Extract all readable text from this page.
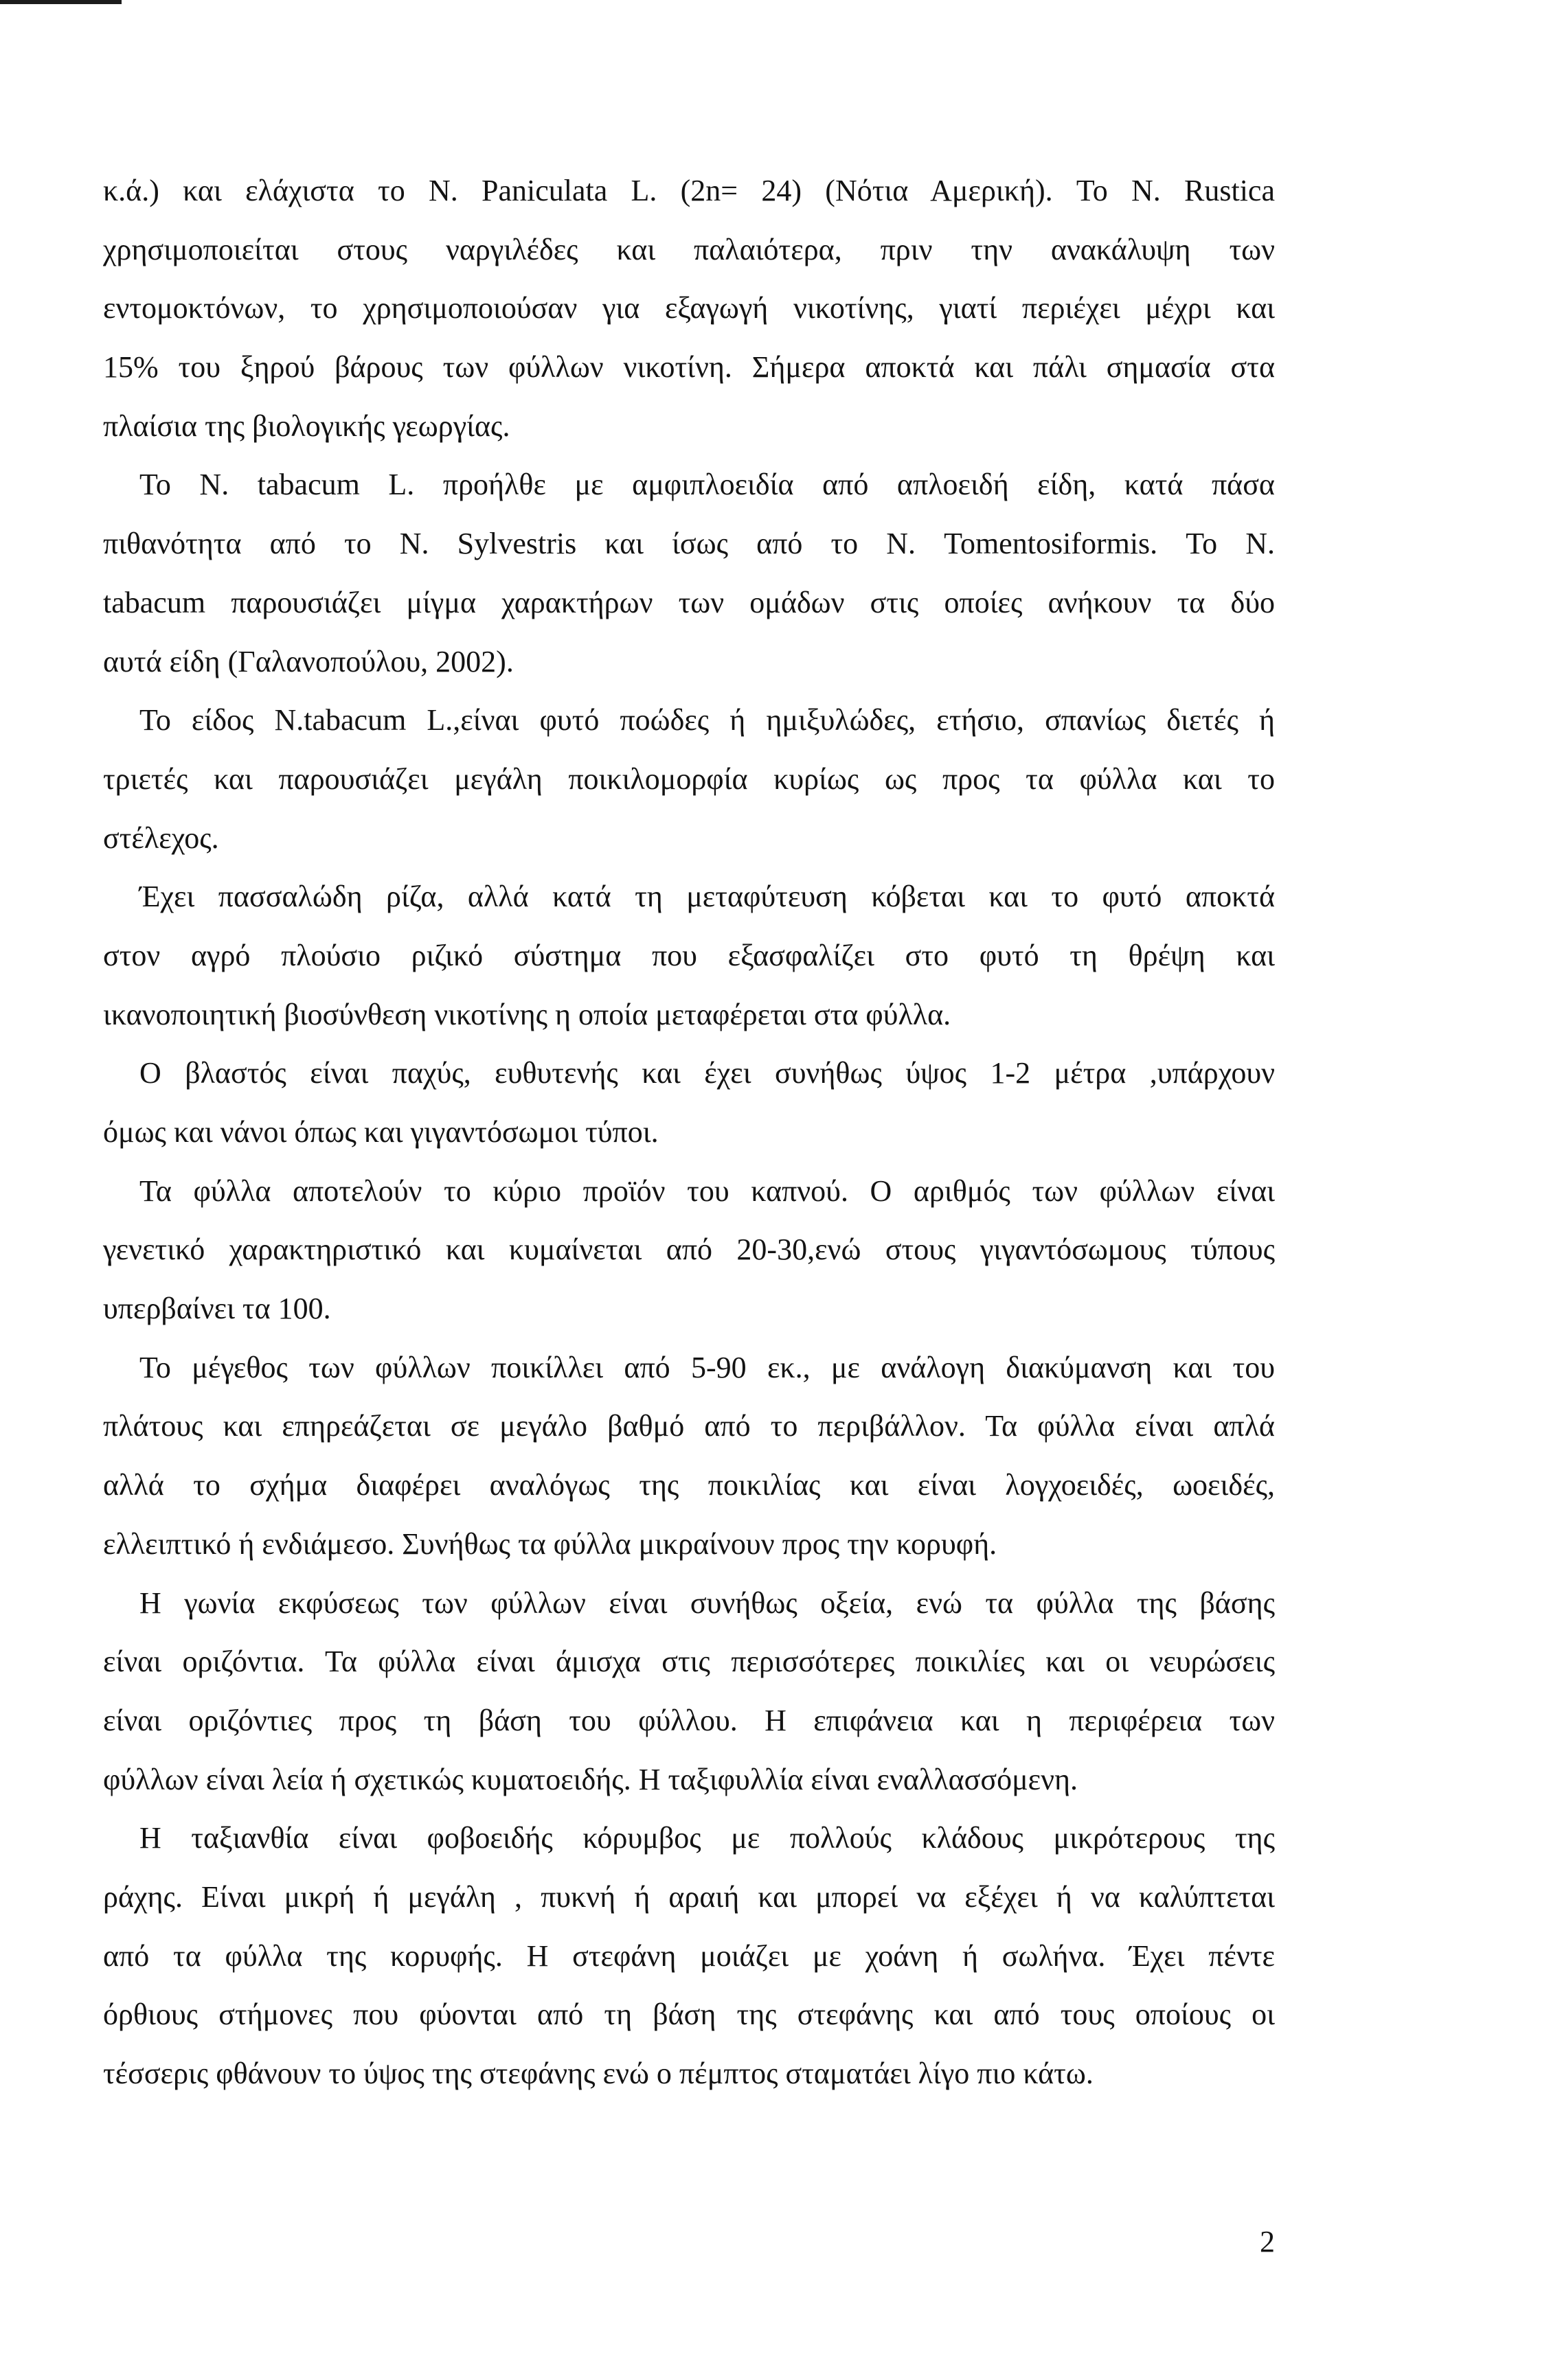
κ.ά.) και ελάχιστα το Ν. Paniculata L. (2n= 24) (Νότια Αμερική). Το Ν. Rustica
χρησιμοποιείται στους ναργιλέδες και παλαιότερα, πριν την ανακάλυψη των
εντομοκτόνων, το χρησιμοποιούσαν για εξαγωγή νικοτίνης, γιατί περιέχει μέχρι και
15% του ξηρού βάρους των φύλλων νικοτίνη. Σήμερα αποκτά και πάλι σημασία στα
πλαίσια της βιολογικής γεωργίας.
Το N. tabacum L. προήλθε με αμφιπλοειδία από απλοειδή είδη, κατά πάσα
πιθανότητα από το N. Sylvestris και ίσως από το Ν. Tomentosiformis. Το Ν.
tabacum παρουσιάζει μίγμα χαρακτήρων των ομάδων στις οποίες ανήκουν τα δύο
αυτά είδη (Γαλανοπούλου, 2002).
Το είδος N.tabacum L.,είναι φυτό ποώδες ή ημιξυλώδες, ετήσιο, σπανίως διετές ή
τριετές και παρουσιάζει μεγάλη ποικιλομορφία κυρίως ως προς τα φύλλα και το
στέλεχος.
Έχει πασσαλώδη ρίζα, αλλά κατά τη μεταφύτευση κόβεται και το φυτό αποκτά
στον αγρό πλούσιο ριζικό σύστημα που εξασφαλίζει στο φυτό τη θρέψη και
ικανοποιητική βιοσύνθεση νικοτίνης η οποία μεταφέρεται στα φύλλα.
Ο βλαστός είναι παχύς, ευθυτενής και έχει συνήθως ύψος 1-2 μέτρα ,υπάρχουν
όμως και νάνοι όπως και γιγαντόσωμοι τύποι.
Τα φύλλα αποτελούν το κύριο προϊόν του καπνού. Ο αριθμός των φύλλων είναι
γενετικό χαρακτηριστικό και κυμαίνεται από 20-30,ενώ στους γιγαντόσωμους τύπους
υπερβαίνει τα 100.
Το μέγεθος των φύλλων ποικίλλει από 5-90 εκ., με ανάλογη διακύμανση και του
πλάτους και επηρεάζεται σε μεγάλο βαθμό από το περιβάλλον. Τα φύλλα είναι απλά
αλλά το σχήμα διαφέρει αναλόγως της ποικιλίας και είναι λογχοειδές, ωοειδές,
ελλειπτικό ή ενδιάμεσο. Συνήθως τα φύλλα μικραίνουν προς την κορυφή.
Η γωνία εκφύσεως των φύλλων είναι συνήθως οξεία, ενώ τα φύλλα της βάσης
είναι οριζόντια. Τα φύλλα είναι άμισχα στις περισσότερες ποικιλίες και οι νευρώσεις
είναι οριζόντιες προς τη βάση του φύλλου. Η επιφάνεια και η περιφέρεια των
φύλλων είναι λεία ή σχετικώς κυματοειδής. Η ταξιφυλλία είναι εναλλασσόμενη.
Η ταξιανθία είναι φοβοειδής κόρυμβος με πολλούς κλάδους μικρότερους της
ράχης. Είναι μικρή ή μεγάλη , πυκνή ή αραιή και μπορεί να εξέχει ή να καλύπτεται
από τα φύλλα της κορυφής. Η στεφάνη μοιάζει με χοάνη ή σωλήνα. Έχει πέντε
όρθιους στήμονες που φύονται από τη βάση της στεφάνης και από τους οποίους οι
τέσσερις φθάνουν το ύψος της στεφάνης ενώ ο πέμπτος σταματάει λίγο πιο κάτω.
2
